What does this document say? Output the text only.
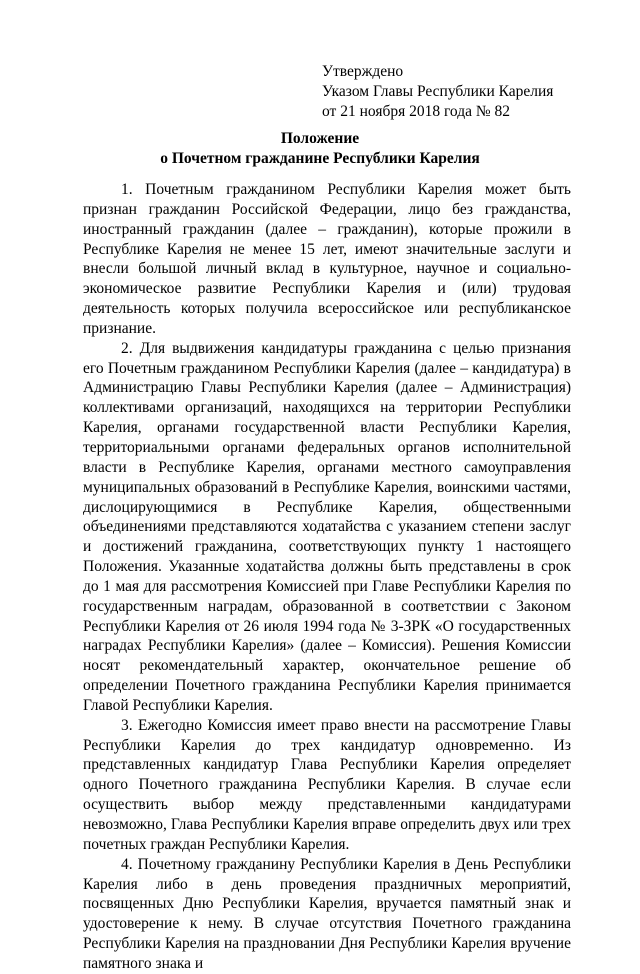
Утверждено
Указом Главы Республики Карелия
от 21 ноября 2018 года № 82
Положение
о Почетном гражданине Республики Карелия

1. Почетным гражданином Республики Карелия может быть признан гражданин Российской Федерации, лицо без гражданства, иностранный гражданин (далее – гражданин), которые прожили в Республике Карелия не менее 15 лет, имеют значительные заслуги и внесли большой личный вклад в культурное, научное и социально-экономическое развитие Республики Карелия и (или) трудовая деятельность которых получила всероссийское или республиканское признание.

2. Для выдвижения кандидатуры гражданина с целью признания его Почетным гражданином Республики Карелия (далее – кандидатура) в Администрацию Главы Республики Карелия (далее – Администрация) коллективами организаций, находящихся на территории Республики Карелия, органами государственной власти Республики Карелия, территориальными органами федеральных органов исполнительной власти в Республике Карелия, органами местного самоуправления муниципальных образований в Республике Карелия, воинскими частями, дислоцирующимися в Республике Карелия, общественными объединениями представляются ходатайства с указанием степени заслуг и достижений гражданина, соответствующих пункту 1 настоящего Положения. Указанные ходатайства должны быть представлены в срок до 1 мая для рассмотрения Комиссией при Главе Республики Карелия по государственным наградам, образованной в соответствии с Законом Республики Карелия от 26 июля 1994 года № 3-ЗРК «О государственных наградах Республики Карелия» (далее – Комиссия). Решения Комиссии носят рекомендательный характер, окончательное решение об определении Почетного гражданина Республики Карелия принимается Главой Республики Карелия.

3. Ежегодно Комиссия имеет право внести на рассмотрение Главы Республики Карелия до трех кандидатур одновременно. Из представленных кандидатур Глава Республики Карелия определяет одного Почетного гражданина Республики Карелия. В случае если осуществить выбор между представленными кандидатурами невозможно, Глава Республики Карелия вправе определить двух или трех почетных граждан Республики Карелия.

4. Почетному гражданину Республики Карелия в День Республики Карелия либо в день проведения праздничных мероприятий, посвященных Дню Республики Карелия, вручается памятный знак и удостоверение к нему. В случае отсутствия Почетного гражданина Республики Карелия на праздновании Дня Республики Карелия вручение памятного знака и
